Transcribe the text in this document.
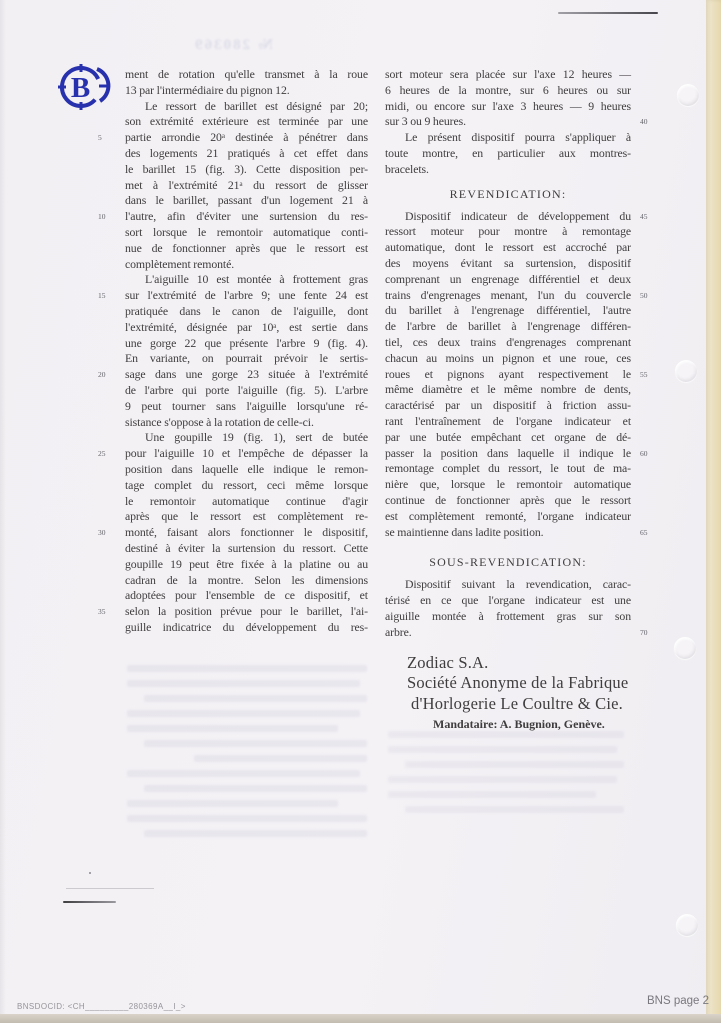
B
№ 280369
ment de rotation qu'elle transmet à la roue
13 par l'intermédiaire du pignon 12.
Le ressort de barillet est désigné par 20;
son extrémité extérieure est terminée par une
5	partie arrondie 20ᵃ destinée à pénétrer dans
des logements 21 pratiqués à cet effet dans
le barillet 15 (fig. 3). Cette disposition per-
met à l'extrémité 21ᵃ du ressort de glisser
dans le barillet, passant d'un logement 21 à
10	l'autre, afin d'éviter une surtension du res-
sort lorsque le remontoir automatique conti-
nue de fonctionner après que le ressort est
complètement remonté.
L'aiguille 10 est montée à frottement gras
15	sur l'extrémité de l'arbre 9; une fente 24 est
pratiquée dans le canon de l'aiguille, dont
l'extrémité, désignée par 10ᵃ, est sertie dans
une gorge 22 que présente l'arbre 9 (fig. 4).
En variante, on pourrait prévoir le sertis-
20	sage dans une gorge 23 située à l'extrémité
de l'arbre qui porte l'aiguille (fig. 5). L'arbre
9 peut tourner sans l'aiguille lorsqu'une ré-
sistance s'oppose à la rotation de celle-ci.
Une goupille 19 (fig. 1), sert de butée
25	pour l'aiguille 10 et l'empêche de dépasser la
position dans laquelle elle indique le remon-
tage complet du ressort, ceci même lorsque
le remontoir automatique continue d'agir
après que le ressort est complètement re-
30	monté, faisant alors fonctionner le dispositif,
destiné à éviter la surtension du ressort. Cette
goupille 19 peut être fixée à la platine ou au
cadran de la montre. Selon les dimensions
adoptées pour l'ensemble de ce dispositif, et
35	selon la position prévue pour le barillet, l'ai-
guille indicatrice du développement du res-
sort moteur sera placée sur l'axe 12 heures —
6 heures de la montre, sur 6 heures ou sur
midi, ou encore sur l'axe 3 heures — 9 heures
40
sur 3 ou 9 heures.
Le présent dispositif pourra s'appliquer à
toute montre, en particulier aux montres-
bracelets.
REVENDICATION:
45
Dispositif indicateur de développement du
ressort moteur pour montre à remontage
automatique, dont le ressort est accroché par
des moyens évitant sa surtension, dispositif
comprenant un engrenage différentiel et deux
50
trains d'engrenages menant, l'un du couvercle
du barillet à l'engrenage différentiel, l'autre
de l'arbre de barillet à l'engrenage différen-
tiel, ces deux trains d'engrenages comprenant
chacun au moins un pignon et une roue, ces
55
roues et pignons ayant respectivement le
même diamètre et le même nombre de dents,
caractérisé par un dispositif à friction assu-
rant l'entraînement de l'organe indicateur et
par une butée empêchant cet organe de dé-
60
passer la position dans laquelle il indique le
remontage complet du ressort, le tout de ma-
nière que, lorsque le remontoir automatique
continue de fonctionner après que le ressort
est complètement remonté, l'organe indicateur
65
se maintienne dans ladite position.
SOUS-REVENDICATION:
Dispositif suivant la revendication, carac-
térisé en ce que l'organe indicateur est une
aiguille montée à frottement gras sur son
70
arbre.
Zodiac S.A.
Société Anonyme de la Fabrique
d'Horlogerie Le Coultre & Cie.
Mandataire: A. Bugnion, Genève.
BNSDOCID: <CH_________280369A__I_>	BNS page 2
